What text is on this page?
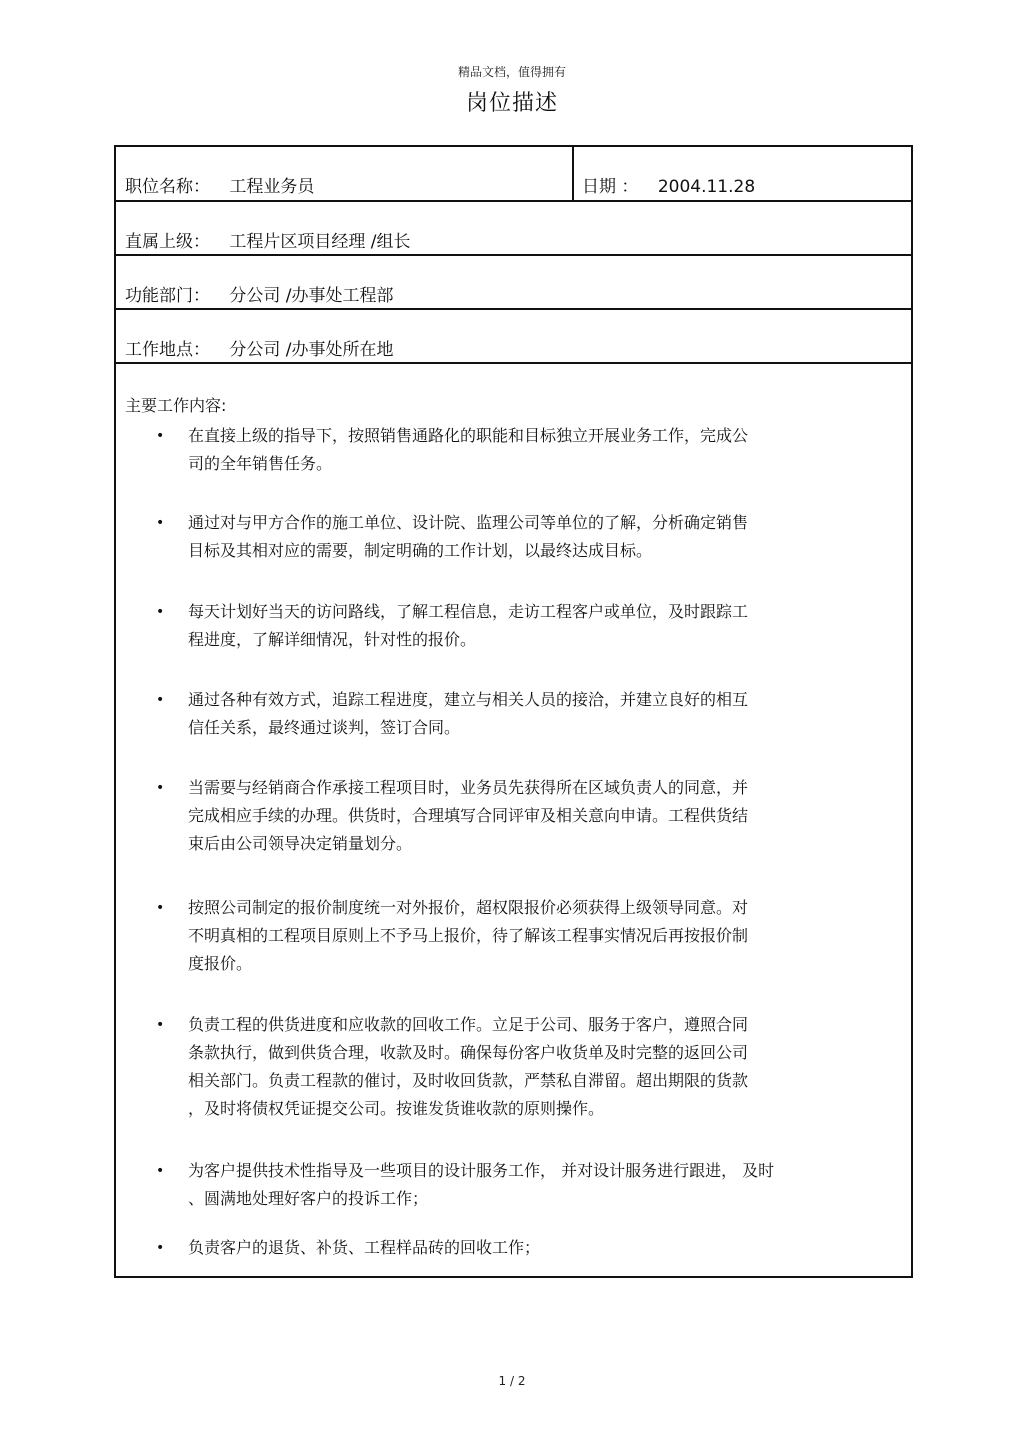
精品文档，值得拥有
岗位描述
职位名称： 工程业务员	日期 ： 2004.11.28
直属上级： 工程片区项目经理 /组长
功能部门： 分公司 /办事处工程部
工作地点： 分公司 /办事处所在地
主要工作内容:
• 在直接上级的指导下，按照销售通路化的职能和目标独立开展业务工作，完成公
司的全年销售任务。
• 通过对与甲方合作的施工单位、设计院、监理公司等单位的了解，分析确定销售
目标及其相对应的需要，制定明确的工作计划，以最终达成目标。
• 每天计划好当天的访问路线，了解工程信息，走访工程客户或单位，及时跟踪工
程进度，了解详细情况，针对性的报价。
• 通过各种有效方式，追踪工程进度，建立与相关人员的接洽，并建立良好的相互
信任关系，最终通过谈判，签订合同。
• 当需要与经销商合作承接工程项目时，业务员先获得所在区域负责人的同意，并
完成相应手续的办理。供货时，合理填写合同评审及相关意向申请。工程供货结
束后由公司领导决定销量划分。
• 按照公司制定的报价制度统一对外报价，超权限报价必须获得上级领导同意。对
不明真相的工程项目原则上不予马上报价，待了解该工程事实情况后再按报价制
度报价。
• 负责工程的供货进度和应收款的回收工作。立足于公司、服务于客户，遵照合同
条款执行，做到供货合理，收款及时。确保每份客户收货单及时完整的返回公司
相关部门。负责工程款的催讨，及时收回货款，严禁私自滞留。超出期限的货款
，及时将债权凭证提交公司。按谁发货谁收款的原则操作。
• 为客户提供技术性指导及一些项目的设计服务工作， 并对设计服务进行跟进， 及时
、圆满地处理好客户的投诉工作；
• 负责客户的退货、补货、工程样品砖的回收工作；
1 / 2
